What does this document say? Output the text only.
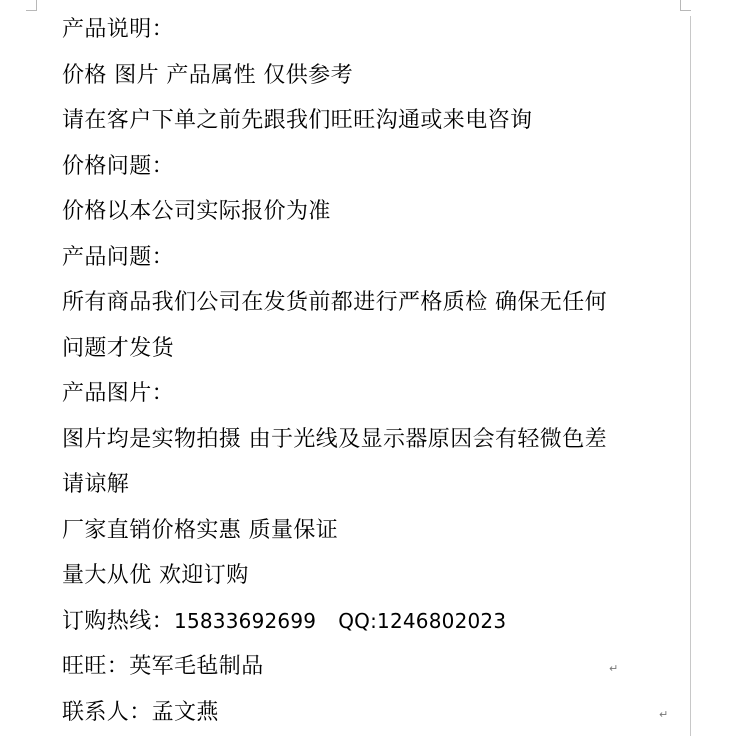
产品说明：
价格 图片 产品属性 仅供参考
请在客户下单之前先跟我们旺旺沟通或来电咨询
价格问题：
价格以本公司实际报价为准
产品问题：
所有商品我们公司在发货前都进行严格质检 确保无任何
问题才发货
产品图片：
图片均是实物拍摄 由于光线及显示器原因会有轻微色差
请谅解
厂家直销价格实惠 质量保证
量大从优 欢迎订购
订购热线：15833692699 QQ:1246802023
旺旺：英军毛毡制品
联系人：孟文燕
↵
↵
